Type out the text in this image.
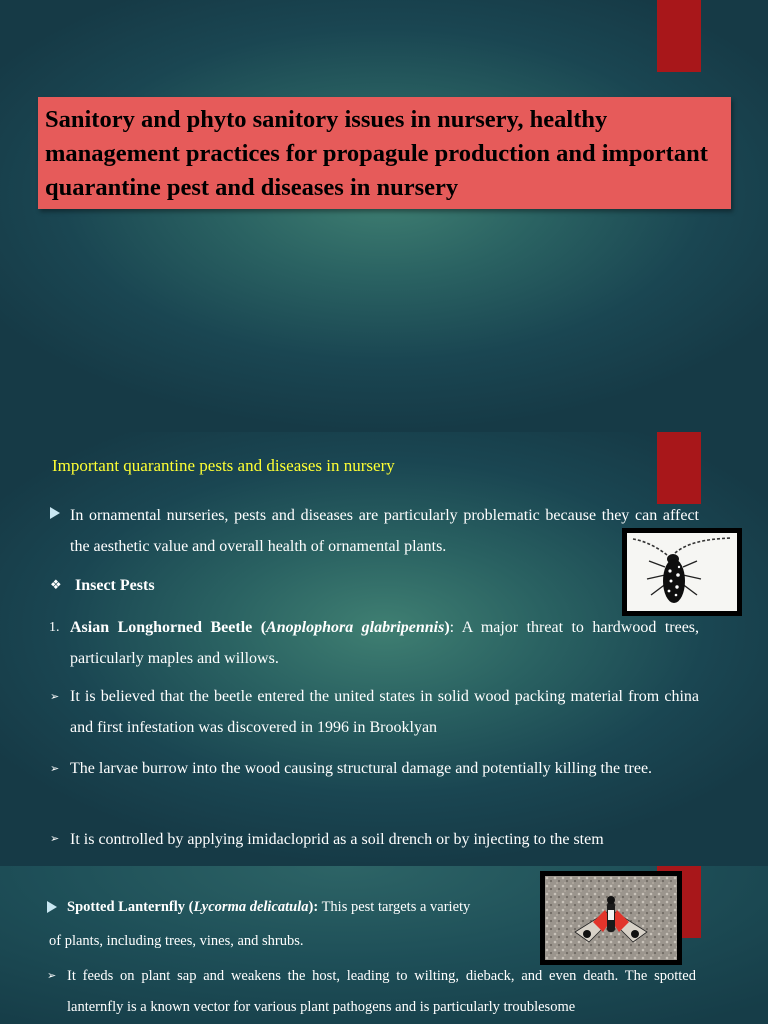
Sanitory and phyto sanitory issues in nursery, healthy management practices for propagule production and important quarantine pest and diseases in nursery
Important quarantine pests and diseases in nursery
In ornamental nurseries, pests and diseases are particularly problematic because they can affect the aesthetic value and overall health of ornamental plants.
❖ Insect Pests
1. Asian Longhorned Beetle (Anoplophora glabripennis): A major threat to hardwood trees, particularly maples and willows.
➢ It is believed that the beetle entered the united states in solid wood packing material from china and first infestation was discovered in 1996 in Brooklyan
➢ The larvae burrow into the wood causing structural damage and potentially killing the tree.
➢ It is controlled by applying imidacloprid as a soil drench or by injecting to the stem
Spotted Lanternfly (Lycorma delicatula): This pest targets a variety
of plants, including trees, vines, and shrubs.
➢ It feeds on plant sap and weakens the host, leading to wilting, dieback, and even death. The spotted lanternfly is a known vector for various plant pathogens and is particularly troublesome
